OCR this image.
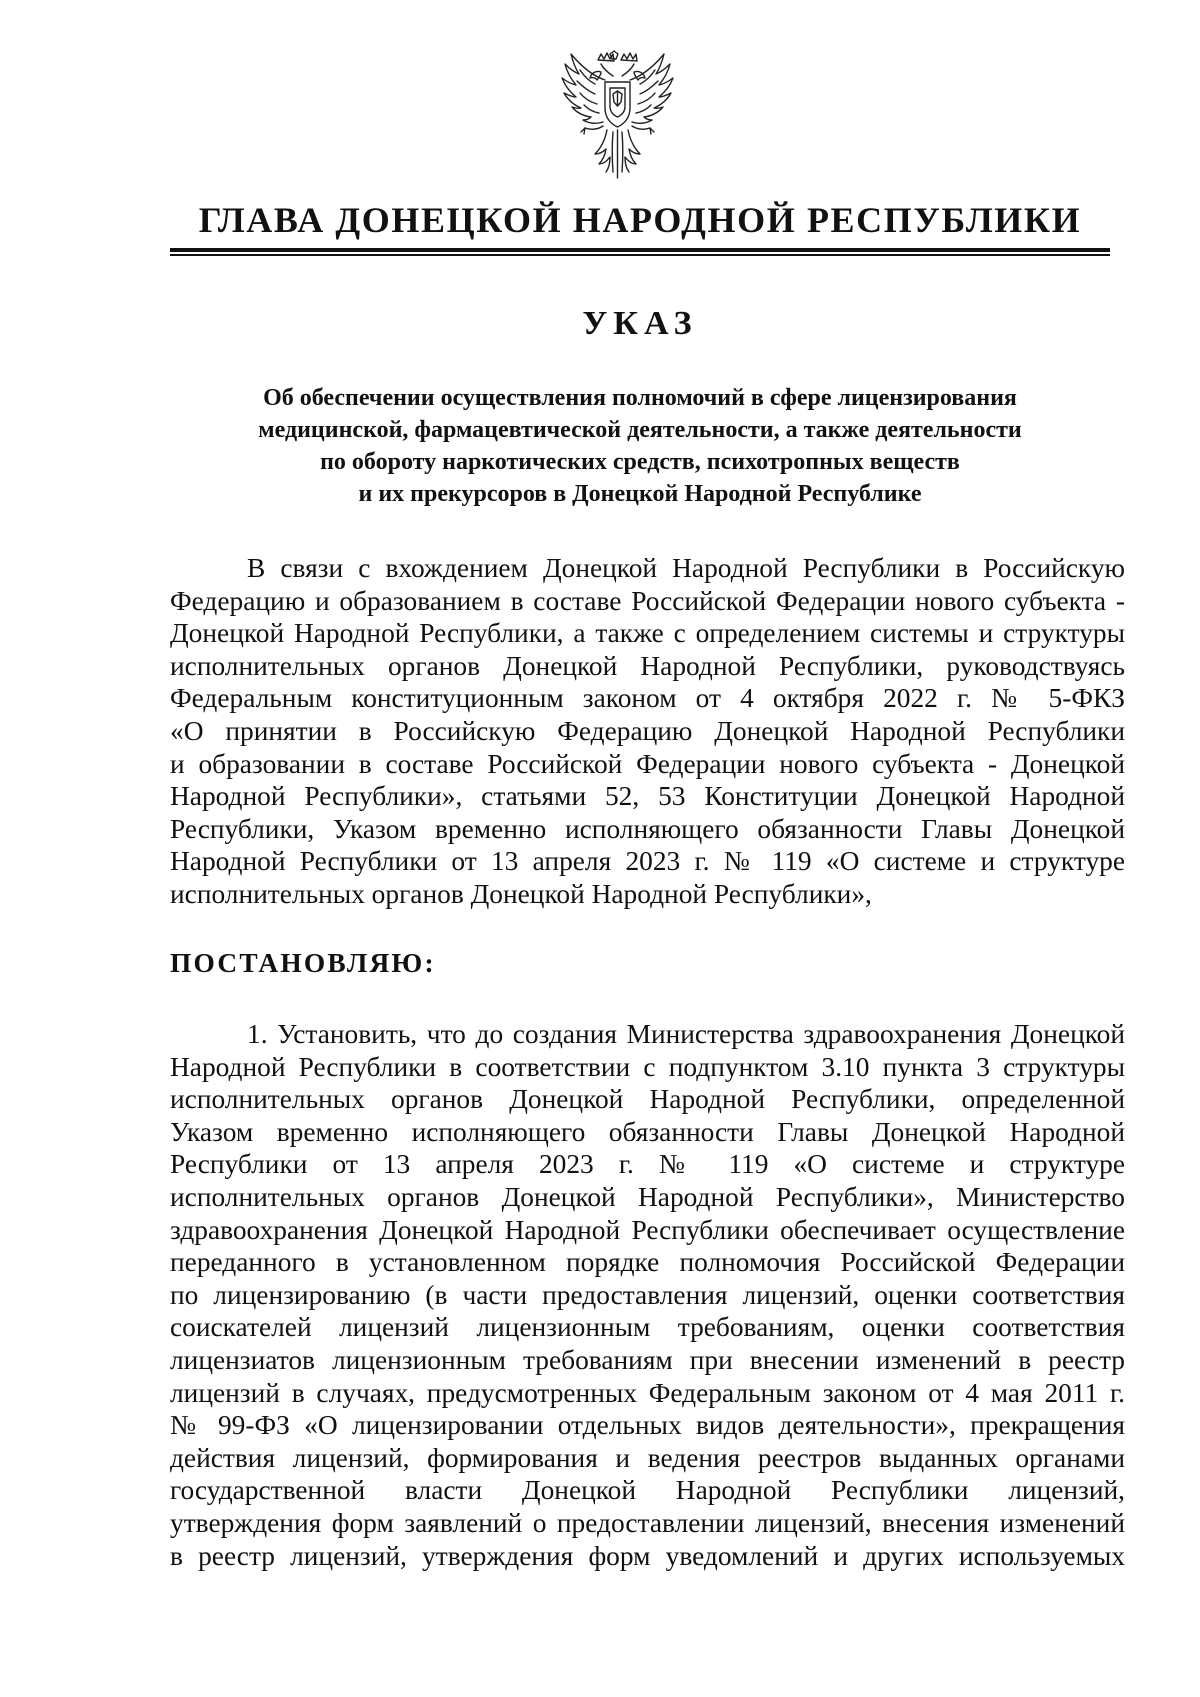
ГЛАВА ДОНЕЦКОЙ НАРОДНОЙ РЕСПУБЛИКИ
УКАЗ
Об обеспечении осуществления полномочий в сфере лицензирования
медицинской, фармацевтической деятельности, а также деятельности
по обороту наркотических средств, психотропных веществ
и их прекурсоров в Донецкой Народной Республике
В связи с вхождением Донецкой Народной Республики в Российскую
Федерацию и образованием в составе Российской Федерации нового субъекта -
Донецкой Народной Республики, а также с определением системы и структуры
исполнительных органов Донецкой Народной Республики, руководствуясь
Федеральным конституционным законом от 4 октября 2022 г. № 5-ФКЗ
«О принятии в Российскую Федерацию Донецкой Народной Республики
и образовании в составе Российской Федерации нового субъекта - Донецкой
Народной Республики», статьями 52, 53 Конституции Донецкой Народной
Республики, Указом временно исполняющего обязанности Главы Донецкой
Народной Республики от 13 апреля 2023 г. № 119 «О системе и структуре
исполнительных органов Донецкой Народной Республики»,
ПОСТАНОВЛЯЮ:
1. Установить, что до создания Министерства здравоохранения Донецкой
Народной Республики в соответствии с подпунктом 3.10 пункта 3 структуры
исполнительных органов Донецкой Народной Республики, определенной
Указом временно исполняющего обязанности Главы Донецкой Народной
Республики от 13 апреля 2023 г. № 119 «О системе и структуре
исполнительных органов Донецкой Народной Республики», Министерство
здравоохранения Донецкой Народной Республики обеспечивает осуществление
переданного в установленном порядке полномочия Российской Федерации
по лицензированию (в части предоставления лицензий, оценки соответствия
соискателей лицензий лицензионным требованиям, оценки соответствия
лицензиатов лицензионным требованиям при внесении изменений в реестр
лицензий в случаях, предусмотренных Федеральным законом от 4 мая 2011 г.
№ 99-ФЗ «О лицензировании отдельных видов деятельности», прекращения
действия лицензий, формирования и ведения реестров выданных органами
государственной власти Донецкой Народной Республики лицензий,
утверждения форм заявлений о предоставлении лицензий, внесения изменений
в реестр лицензий, утверждения форм уведомлений и других используемых
